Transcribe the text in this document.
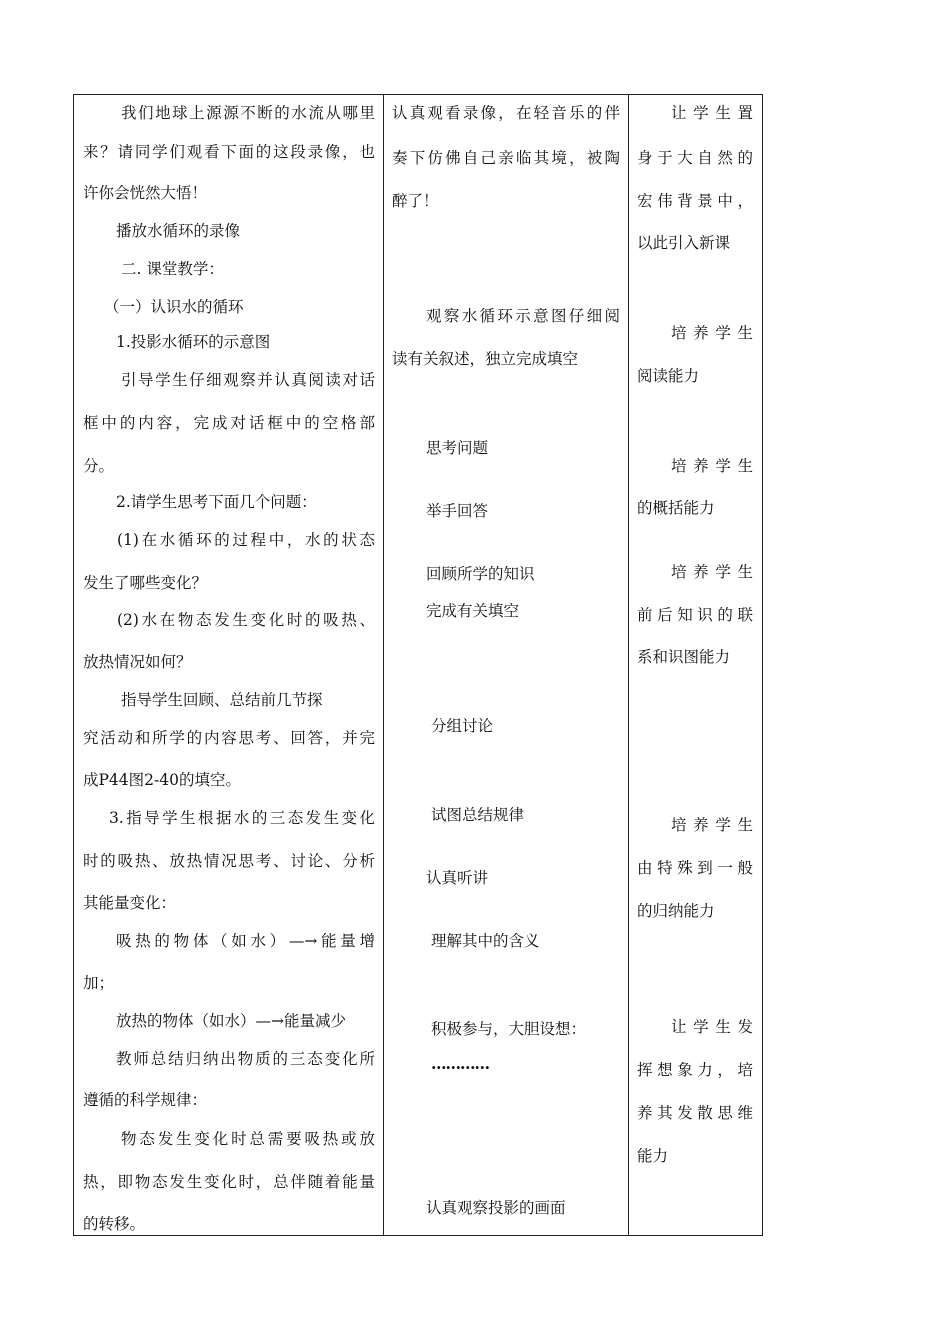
我们地球上源源不断的水流从哪里
来？请同学们观看下面的这段录像，也
许你会恍然大悟！
播放水循环的录像
二. 课堂教学：
（一）认识水的循环
1.投影水循环的示意图
引导学生仔细观察并认真阅读对话
框中的内容，完成对话框中的空格部
分。
2.请学生思考下面几个问题：
(1)在水循环的过程中，水的状态
发生了哪些变化？
(2)水在物态发生变化时的吸热、
放热情况如何？
指导学生回顾、总结前几节探
究活动和所学的内容思考、回答，并完
成P44图2-40的填空。
3.指导学生根据水的三态发生变化
时的吸热、放热情况思考、讨论、分析
其能量变化：
吸热的物体（如水）—→能量增
加；
放热的物体（如水）—→能量减少
教师总结归纳出物质的三态变化所
遵循的科学规律：
物态发生变化时总需要吸热或放
热，即物态发生变化时，总伴随着能量
的转移。
认真观看录像，在轻音乐的伴
奏下仿佛自己亲临其境，被陶
醉了！
观察水循环示意图仔细阅
读有关叙述，独立完成填空
思考问题
举手回答
回顾所学的知识
完成有关填空
分组讨论
试图总结规律
认真听讲
理解其中的含义
积极参与，大胆设想：
…………
认真观察投影的画面
让学生置
身于大自然的
宏伟背景中，
以此引入新课
培养学生
阅读能力
培养学生
的概括能力
培养学生
前后知识的联
系和识图能力
培养学生
由特殊到一般
的归纳能力
让学生发
挥想象力，培
养其发散思维
能力
